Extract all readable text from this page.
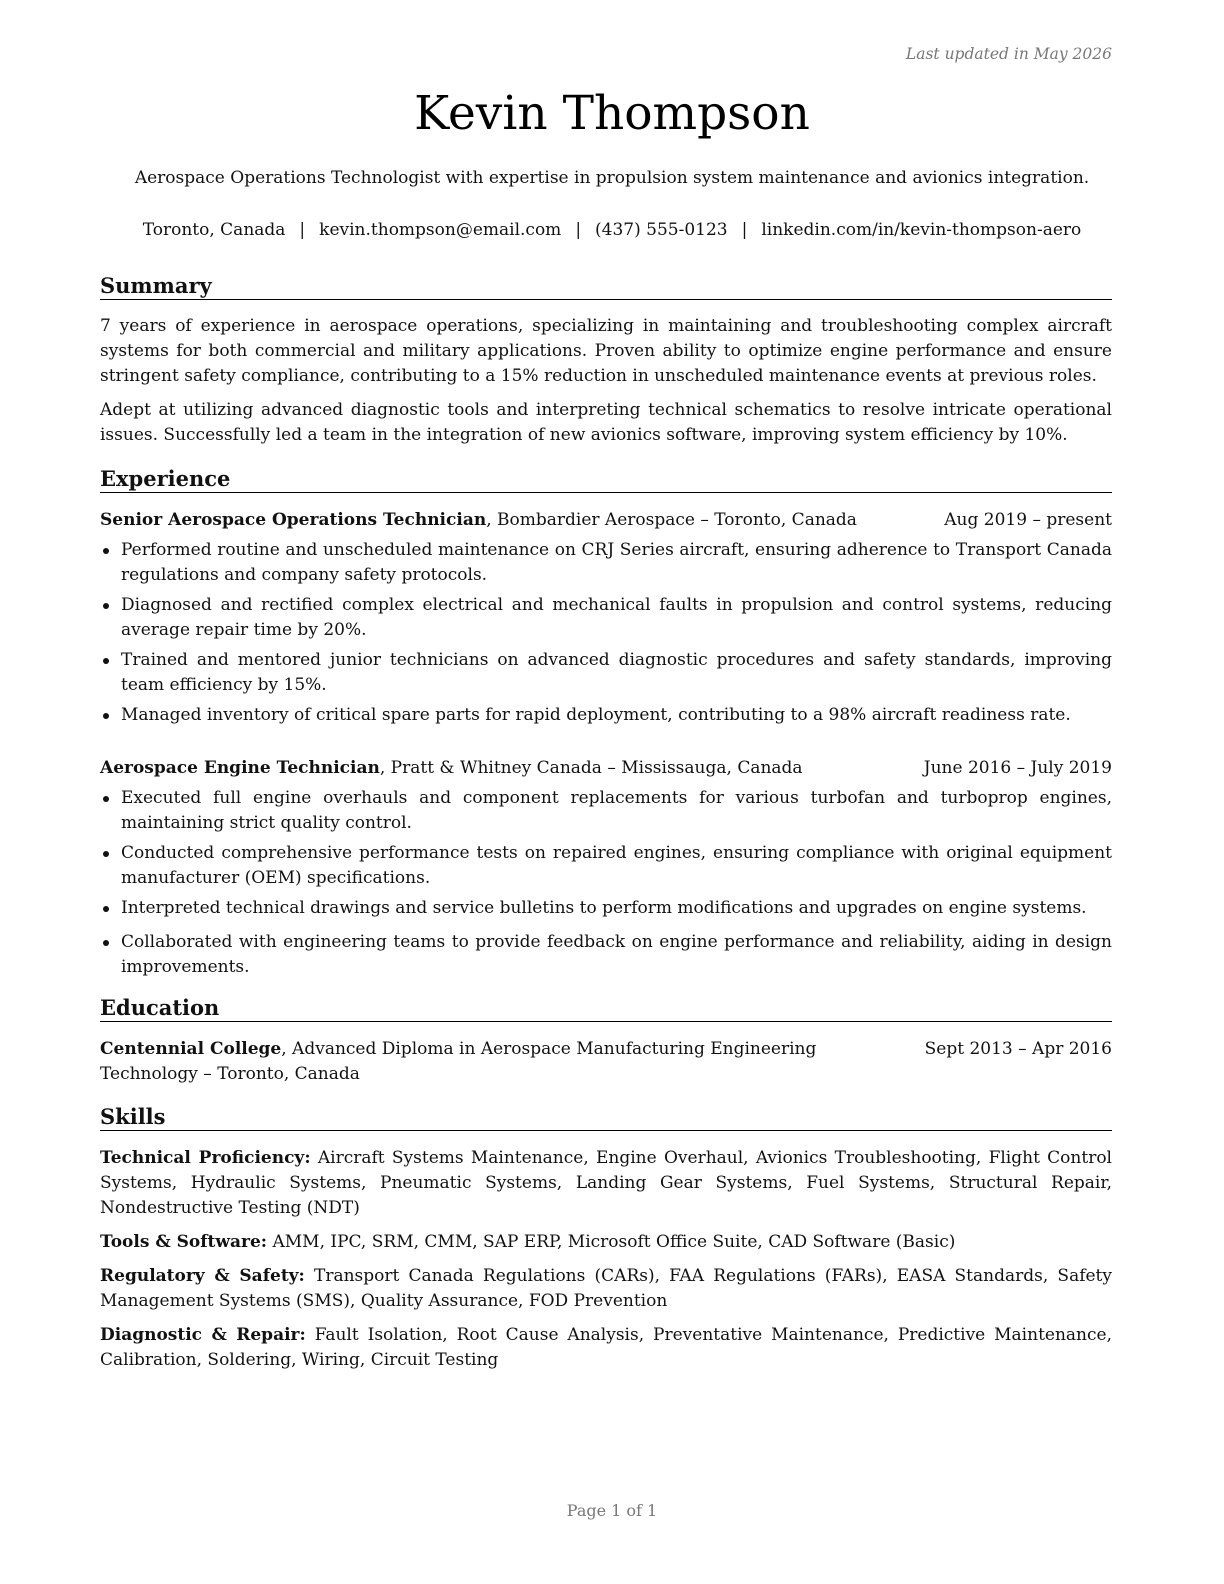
Last updated in May 2026
Kevin Thompson
Aerospace Operations Technologist with expertise in propulsion system maintenance and avionics integration.
Toronto, Canada | kevin.thompson@email.com | (437) 555-0123 | linkedin.com/in/kevin-thompson-aero
Summary

7 years of experience in aerospace operations, specializing in maintaining and troubleshooting complex aircraft systems for both commercial and military applications. Proven ability to optimize engine performance and ensure stringent safety compliance, contributing to a 15% reduction in unscheduled maintenance events at previous roles.

Adept at utilizing advanced diagnostic tools and interpreting technical schematics to resolve intricate operational issues. Successfully led a team in the integration of new avionics software, improving system efficiency by 10%.

Experience
Senior Aerospace Operations Technician, Bombardier Aerospace – Toronto, Canada	Aug 2019 – present
Performed routine and unscheduled maintenance on CRJ Series aircraft, ensuring adherence to Transport Canada regulations and company safety protocols.
Diagnosed and rectified complex electrical and mechanical faults in propulsion and control systems, reducing average repair time by 20%.
Trained and mentored junior technicians on advanced diagnostic procedures and safety standards, improving team efficiency by 15%.
Managed inventory of critical spare parts for rapid deployment, contributing to a 98% aircraft readiness rate.
Aerospace Engine Technician, Pratt & Whitney Canada – Mississauga, Canada	June 2016 – July 2019
Executed full engine overhauls and component replacements for various turbofan and turboprop engines, maintaining strict quality control.
Conducted comprehensive performance tests on repaired engines, ensuring compliance with original equipment manufacturer (OEM) specifications.
Interpreted technical drawings and service bulletins to perform modifications and upgrades on engine systems.
Collaborated with engineering teams to provide feedback on engine performance and reliability, aiding in design improvements.
Education
Centennial College, Advanced Diploma in Aerospace Manufacturing Engineering Technology – Toronto, Canada
Sept 2013 – Apr 2016
Skills

Technical Proficiency: Aircraft Systems Maintenance, Engine Overhaul, Avionics Troubleshooting, Flight Control Systems, Hydraulic Systems, Pneumatic Systems, Landing Gear Systems, Fuel Systems, Structural Repair, Nondestructive Testing (NDT)

Tools & Software: AMM, IPC, SRM, CMM, SAP ERP, Microsoft Office Suite, CAD Software (Basic)

Regulatory & Safety: Transport Canada Regulations (CARs), FAA Regulations (FARs), EASA Standards, Safety Management Systems (SMS), Quality Assurance, FOD Prevention

Diagnostic & Repair: Fault Isolation, Root Cause Analysis, Preventative Maintenance, Predictive Maintenance, Calibration, Soldering, Wiring, Circuit Testing

Page 1 of 1
